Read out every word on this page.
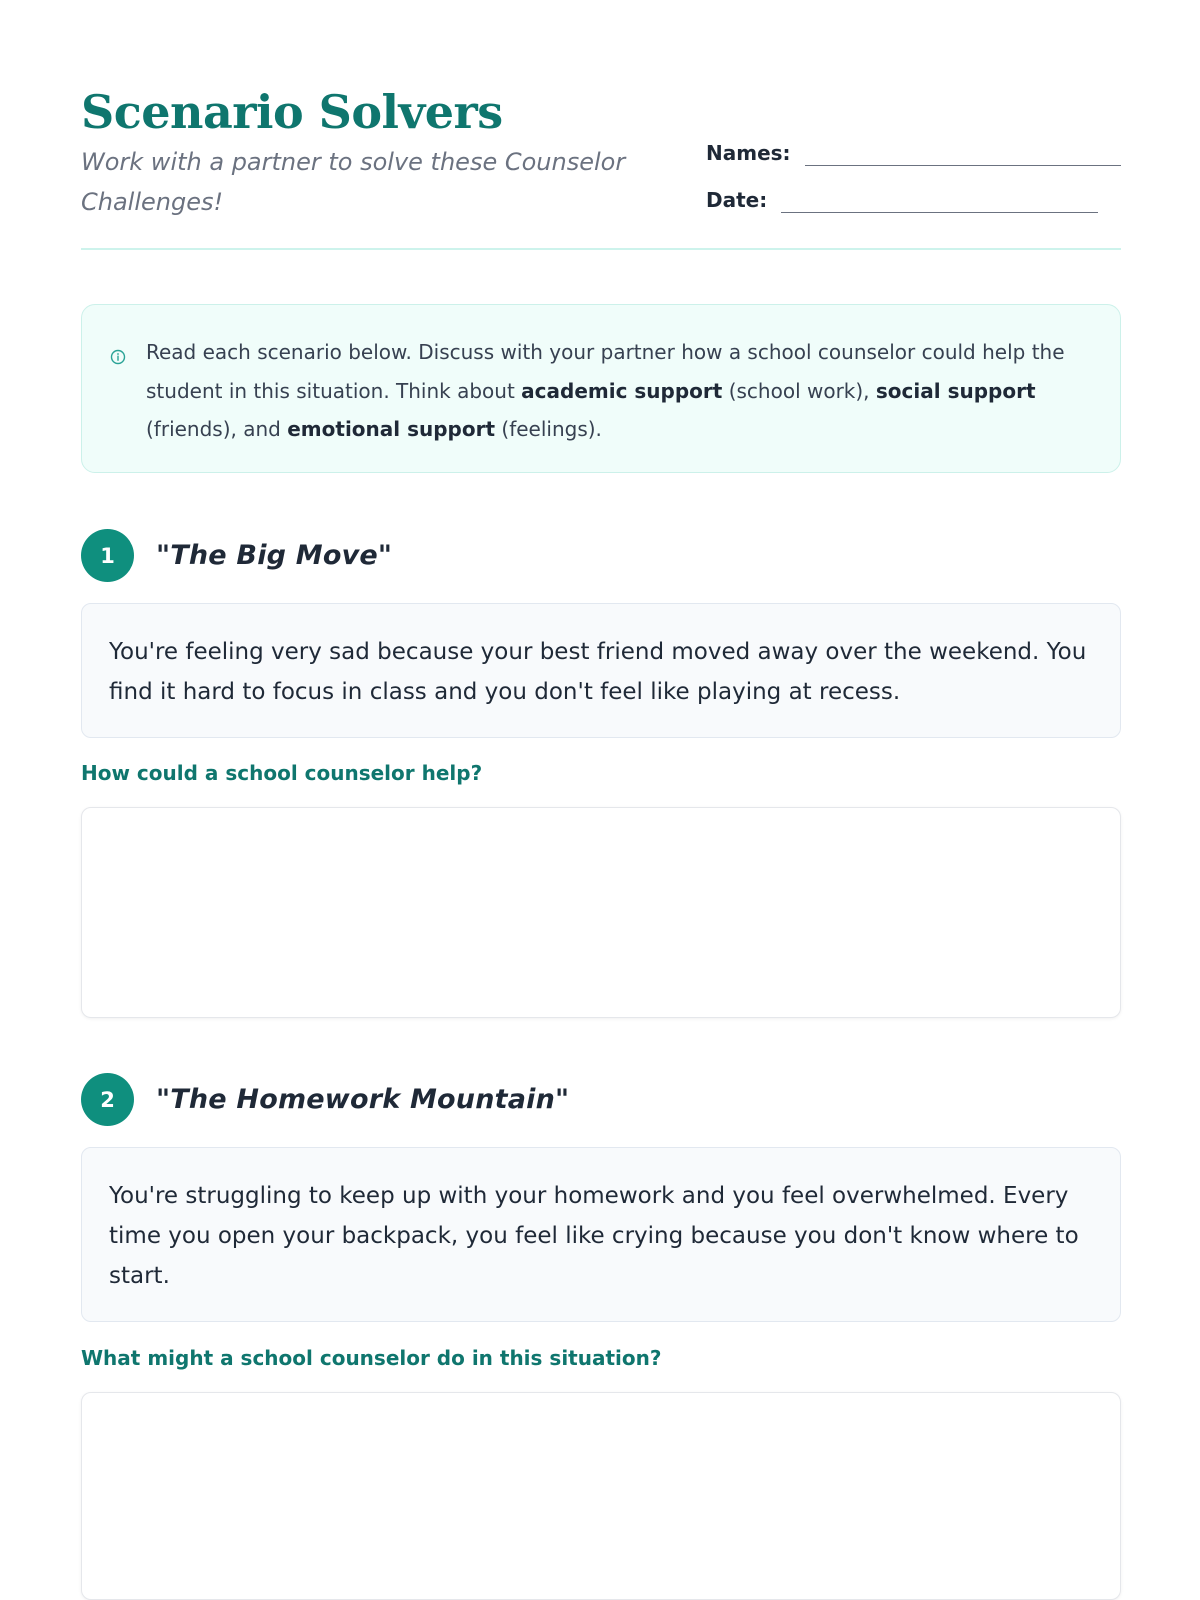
Scenario Solvers
Work with a partner to solve these Counselor Challenges!
Names:
Date:

Read each scenario below. Discuss with your partner how a school counselor could help the student in this situation. Think about academic support (school work), social support (friends), and emotional support (feelings).

1	"The Big Move"
You're feeling very sad because your best friend moved away over the weekend. You find it hard to focus in class and you don't feel like playing at recess.
How could a school counselor help?
2	"The Homework Mountain"
You're struggling to keep up with your homework and you feel overwhelmed. Every time you open your backpack, you feel like crying because you don't know where to start.
What might a school counselor do in this situation?
